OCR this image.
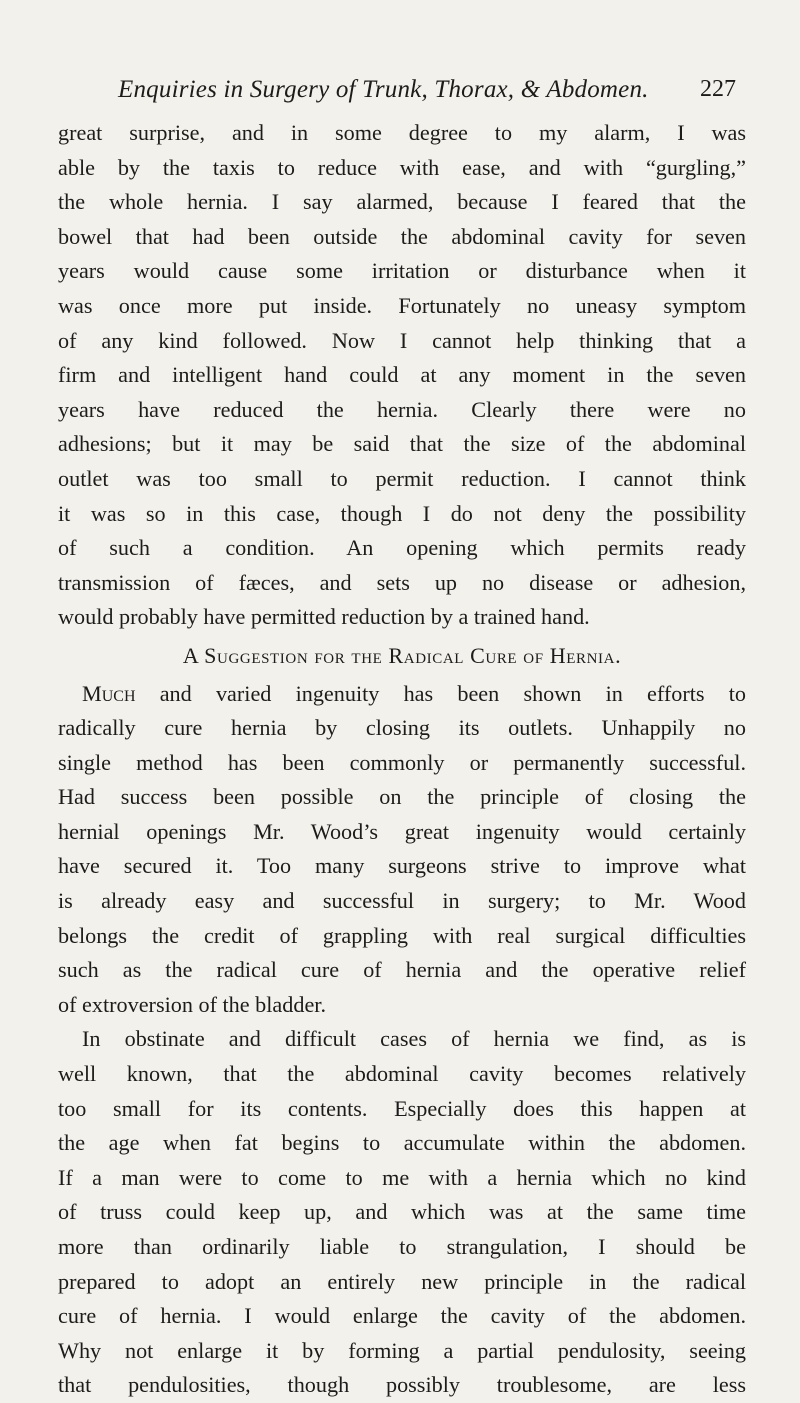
Enquiries in Surgery of Trunk, Thorax, & Abdomen. 227

great surprise, and in some degree to my alarm, I was

able by the taxis to reduce with ease, and with “gurgling,”

the whole hernia. I say alarmed, because I feared that the

bowel that had been outside the abdominal cavity for seven

years would cause some irritation or disturbance when it

was once more put inside. Fortunately no uneasy symptom

of any kind followed. Now I cannot help thinking that a

firm and intelligent hand could at any moment in the seven

years have reduced the hernia. Clearly there were no

adhesions; but it may be said that the size of the abdominal

outlet was too small to permit reduction. I cannot think

it was so in this case, though I do not deny the possibility

of such a condition. An opening which permits ready

transmission of fæces, and sets up no disease or adhesion,

would probably have permitted reduction by a trained hand.

A Suggestion for the Radical Cure of Hernia.

Much and varied ingenuity has been shown in efforts to

radically cure hernia by closing its outlets. Unhappily no

single method has been commonly or permanently successful.

Had success been possible on the principle of closing the

hernial openings Mr. Wood’s great ingenuity would certainly

have secured it. Too many surgeons strive to improve what

is already easy and successful in surgery; to Mr. Wood

belongs the credit of grappling with real surgical difficulties

such as the radical cure of hernia and the operative relief

of extroversion of the bladder.

In obstinate and difficult cases of hernia we find, as is

well known, that the abdominal cavity becomes relatively

too small for its contents. Especially does this happen at

the age when fat begins to accumulate within the abdomen.

If a man were to come to me with a hernia which no kind

of truss could keep up, and which was at the same time

more than ordinarily liable to strangulation, I should be

prepared to adopt an entirely new principle in the radical

cure of hernia. I would enlarge the cavity of the abdomen.

Why not enlarge it by forming a partial pendulosity, seeing

that pendulosities, though possibly troublesome, are less
